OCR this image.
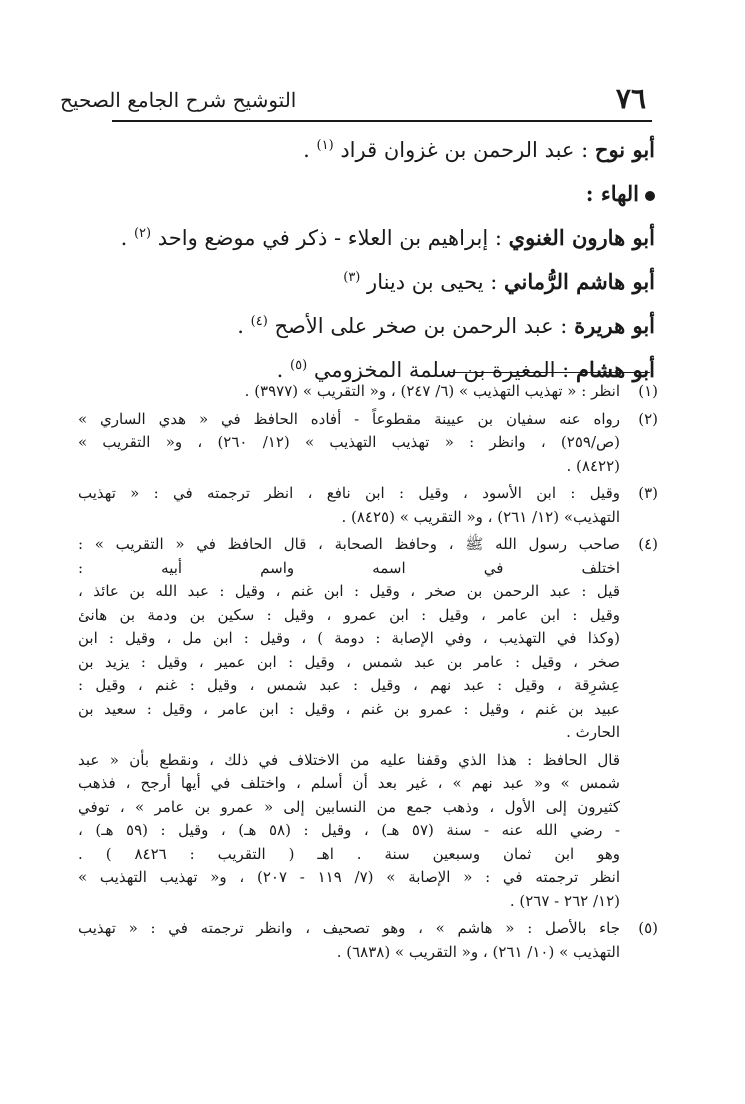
٧٦
التوشيح شرح الجامع الصحيح
أبو نوح : عبد الرحمن بن غزوان قراد $^{(١)}$ .
الهاء :
أبو هارون الغنوي : إبراهيم بن العلاء - ذكر في موضع واحد $^{(٢)}$ .
أبو هاشم الرُّماني : يحيى بن دينار $^{(٣)}$
أبو هريرة : عبد الرحمن بن صخر على الأصح $^{(٤)}$ .
أبو هشام : المغيرة بن سلمة المخزومي $^{(٥)}$ .
(١)
انظر : « تهذيب التهذيب » (٦/ ٢٤٧) ، و« التقريب » (٣٩٧٧) .
(٢)
رواه عنه سفيان بن عيينة مقطوعاً - أفاده الحافظ في « هدي الساري »
(ص/٢٥٩) ، وانظر : « تهذيب التهذيب » (١٢/ ٢٦٠) ، و« التقريب »
(٨٤٢٢) .
(٣)
وقيل : ابن الأسود ، وقيل : ابن نافع ، انظر ترجمته في : « تهذيب
التهذيب» (١٢/ ٢٦١) ، و« التقريب » (٨٤٢٥) .
(٤)
صاحب رسول الله ﷺ ، وحافظ الصحابة ، قال الحافظ في « التقريب » :
اختلف في اسمه واسم أبيه :
قيل : عبد الرحمن بن صخر ، وقيل : ابن غنم ، وقيل : عبد الله بن عائذ ،
وقيل : ابن عامر ، وقيل : ابن عمرو ، وقيل : سكين بن ودمة بن هانئ
(وكذا في التهذيب ، وفي الإصابة : دومة ) ، وقيل : ابن مل ، وقيل : ابن
صخر ، وقيل : عامر بن عبد شمس ، وقيل : ابن عمير ، وقيل : يزيد بن
عِشرِقة ، وقيل : عبد نهم ، وقيل : عبد شمس ، وقيل : غنم ، وقيل :
عبيد بن غنم ، وقيل : عمرو بن غنم ، وقيل : ابن عامر ، وقيل : سعيد بن
الحارث .
قال الحافظ : هذا الذي وقفنا عليه من الاختلاف في ذلك ، ونقطع بأن « عبد
شمس » و« عبد نهم » ، غير بعد أن أسلم ، واختلف في أيها أرجح ، فذهب
كثيرون إلى الأول ، وذهب جمع من النسابين إلى « عمرو بن عامر » ، توفي
- رضي الله عنه - سنة (٥٧ هـ) ، وقيل : (٥٨ هـ) ، وقيل : (٥٩ هـ) ،
وهو ابن ثمان وسبعين سنة . اهـ ( التقريب : ٨٤٢٦ ) .
انظر ترجمته في : « الإصابة » (٧/ ١١٩ - ٢٠٧) ، و« تهذيب التهذيب »
(١٢/ ٢٦٢ - ٢٦٧) .
(٥)
جاء بالأصل : « هاشم » ، وهو تصحيف ، وانظر ترجمته في : « تهذيب
التهذيب » (١٠/ ٢٦١) ، و« التقريب » (٦٨٣٨) .
